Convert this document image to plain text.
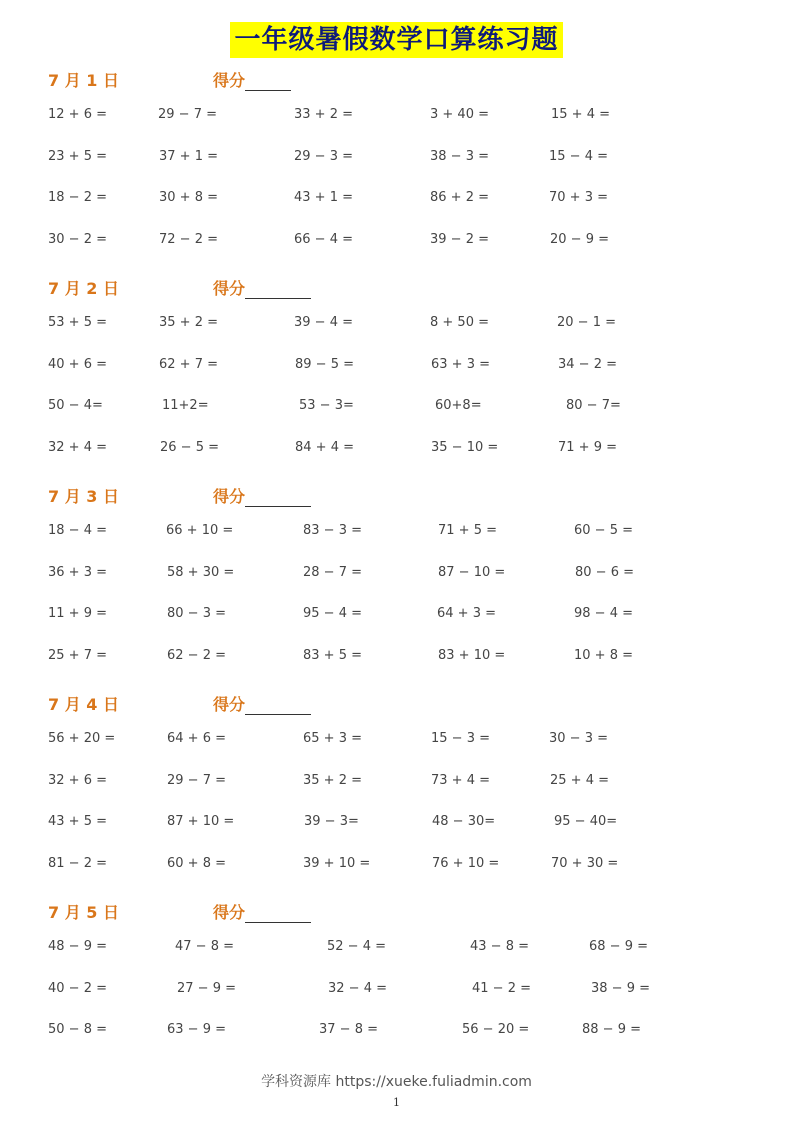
一年级暑假数学口算练习题
7 月 1 日	得分
12 + 6 =	29 − 7 =	33 + 2 =	3 + 40 =	15 + 4 =
23 + 5 =	37 + 1 =	29 − 3 =	38 − 3 =	15 − 4 =
18 − 2 =	30 + 8 =	43 + 1 =	86 + 2 =	70 + 3 =
30 − 2 =	72 − 2 =	66 − 4 =	39 − 2 =	20 − 9 =
7 月 2 日	得分
53 + 5 =	35 + 2 =	39 − 4 =	8 + 50 =	20 − 1 =
40 + 6 =	62 + 7 =	89 − 5 =	63 + 3 =	34 − 2 =
50 − 4=	11+2=	53 − 3=	60+8=	80 − 7=
32 + 4 =	26 − 5 =	84 + 4 =	35 − 10 =	71 + 9 =
7 月 3 日	得分
18 − 4 =	66 + 10 =	83 − 3 =	71 + 5 =	60 − 5 =
36 + 3 =	58 + 30 =	28 − 7 =	87 − 10 =	80 − 6 =
11 + 9 =	80 − 3 =	95 − 4 =	64 + 3 =	98 − 4 =
25 + 7 =	62 − 2 =	83 + 5 =	83 + 10 =	10 + 8 =
7 月 4 日	得分
56 + 20 =	64 + 6 =	65 + 3 =	15 − 3 =	30 − 3 =
32 + 6 =	29 − 7 =	35 + 2 =	73 + 4 =	25 + 4 =
43 + 5 =	87 + 10 =	39 − 3=	48 − 30=	95 − 40=
81 − 2 =	60 + 8 =	39 + 10 =	76 + 10 =	70 + 30 =
7 月 5 日	得分
48 − 9 =	47 − 8 =	52 − 4 =	43 − 8 =	68 − 9 =
40 − 2 =	27 − 9 =	32 − 4 =	41 − 2 =	38 − 9 =
50 − 8 =	63 − 9 =	37 − 8 =	56 − 20 =	88 − 9 =
学科资源库 https://xueke.fuliadmin.com
1
